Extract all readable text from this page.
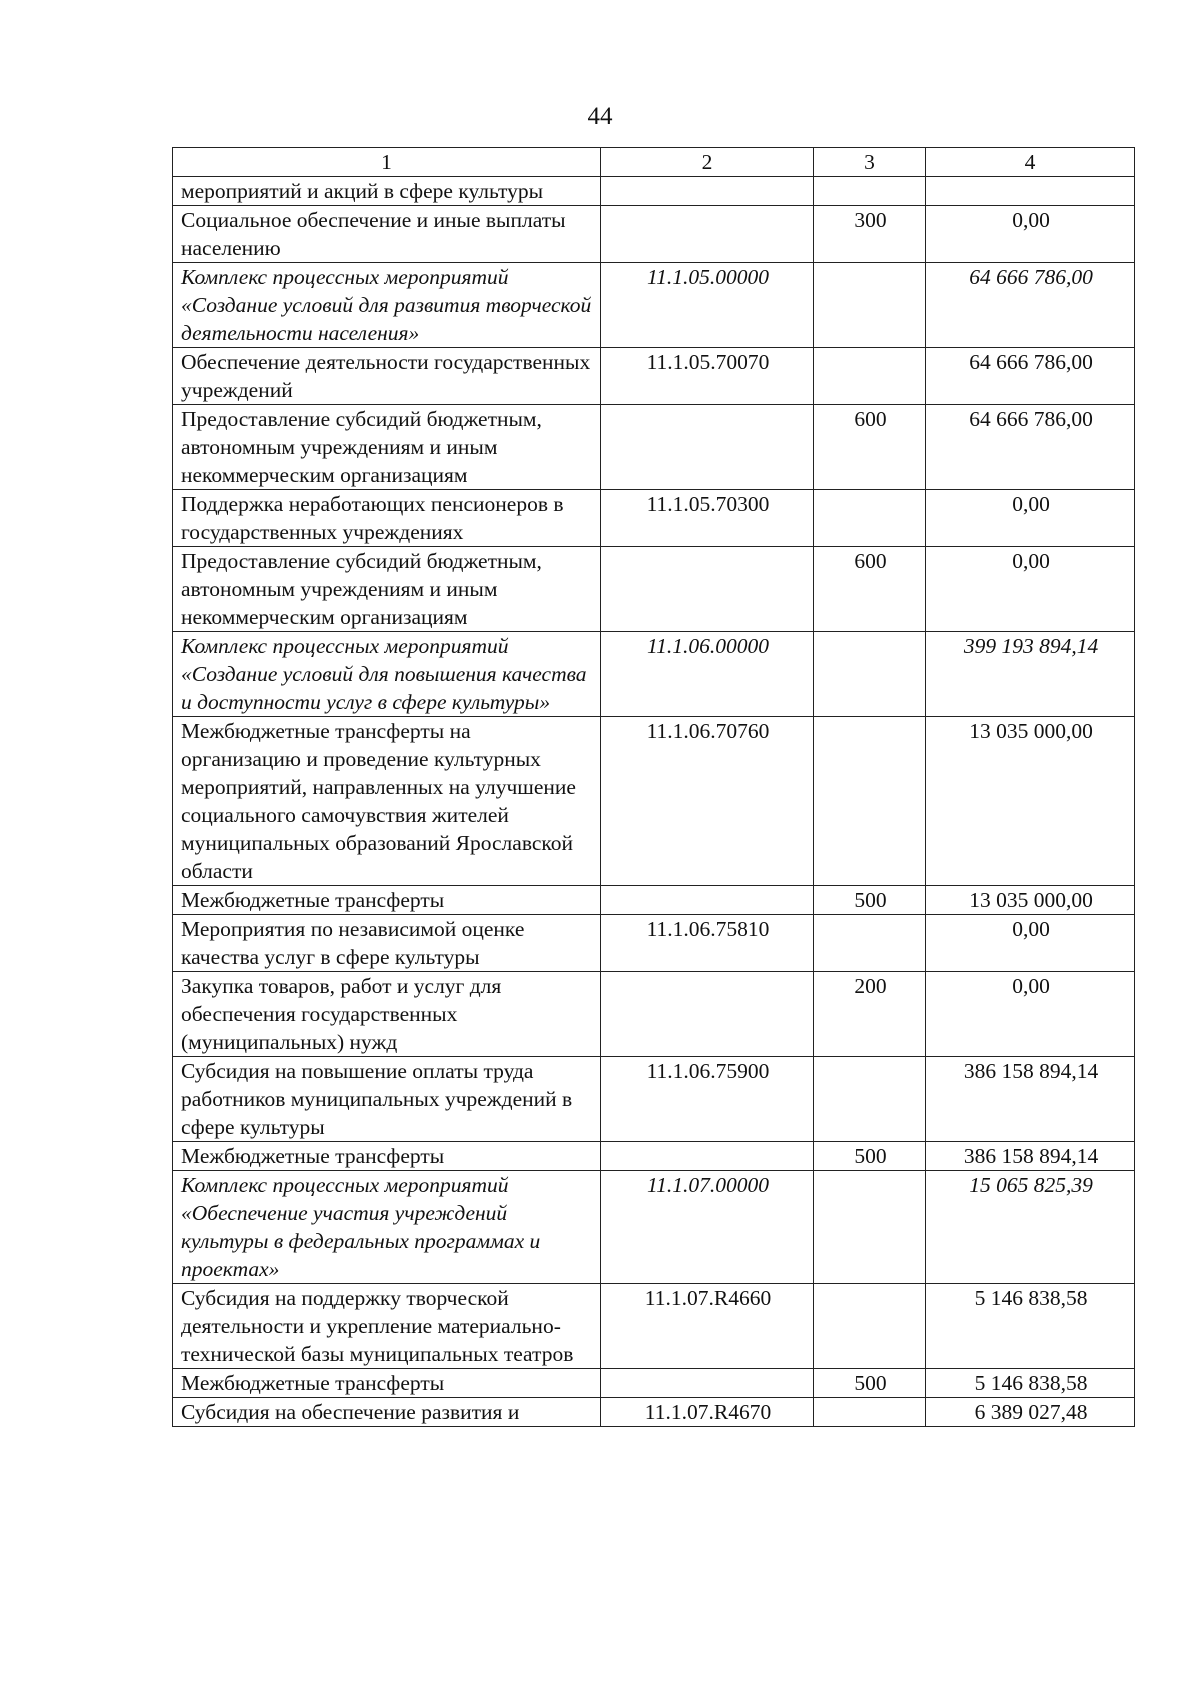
44
1	2	3	4
мероприятий и акций в сфере культуры			
Социальное обеспечение и иные выплаты населению		300	0,00
Комплекс процессных мероприятий «Создание условий для развития творческой деятельности населения»	11.1.05.00000		64 666 786,00
Обеспечение деятельности государственных учреждений	11.1.05.70070		64 666 786,00
Предоставление субсидий бюджетным, автономным учреждениям и иным некоммерческим организациям		600	64 666 786,00
Поддержка неработающих пенсионеров в государственных учреждениях	11.1.05.70300		0,00
Предоставление субсидий бюджетным, автономным учреждениям и иным некоммерческим организациям		600	0,00
Комплекс процессных мероприятий «Создание условий для повышения качества и доступности услуг в сфере культуры»	11.1.06.00000		399 193 894,14
Межбюджетные трансферты на организацию и проведение культурных мероприятий, направленных на улучшение социального самочувствия жителей муниципальных образований Ярославской области	11.1.06.70760		13 035 000,00
Межбюджетные трансферты		500	13 035 000,00
Мероприятия по независимой оценке качества услуг в сфере культуры	11.1.06.75810		0,00
Закупка товаров, работ и услуг для обеспечения государственных (муниципальных) нужд		200	0,00
Субсидия на повышение оплаты труда работников муниципальных учреждений в сфере культуры	11.1.06.75900		386 158 894,14
Межбюджетные трансферты		500	386 158 894,14
Комплекс процессных мероприятий «Обеспечение участия учреждений культуры в федеральных программах и проектах»	11.1.07.00000		15 065 825,39
Субсидия на поддержку творческой деятельности и укрепление материально-технической базы муниципальных театров	11.1.07.R4660		5 146 838,58
Межбюджетные трансферты		500	5 146 838,58
Субсидия на обеспечение развития и	11.1.07.R4670		6 389 027,48
